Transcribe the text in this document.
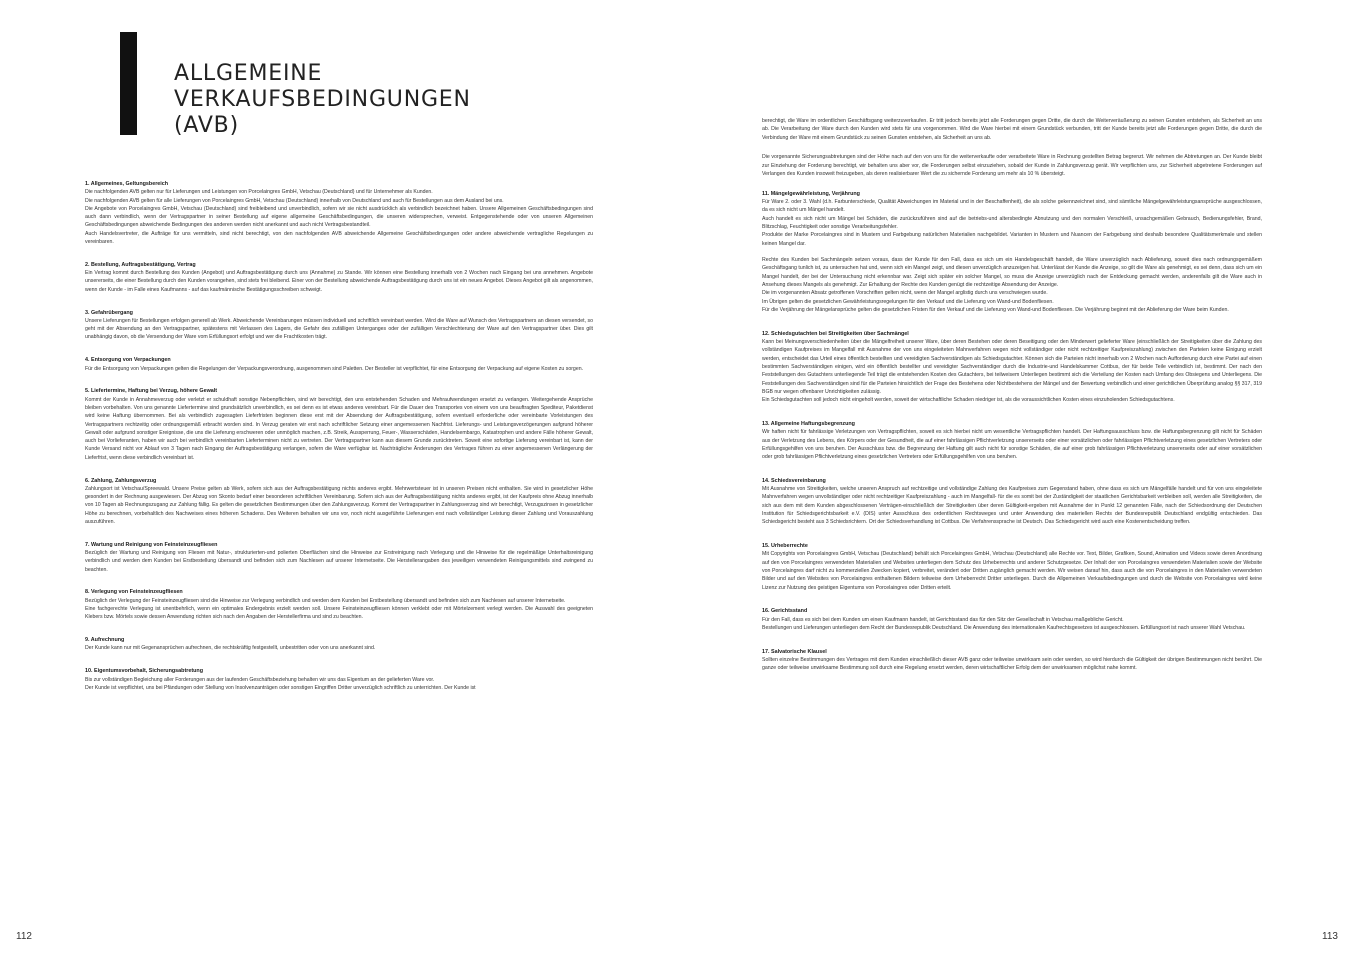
ALLGEMEINE
VERKAUFSBEDINGUNGEN
(AVB)
1. Allgemeines, Geltungsbereich

Die nachfolgenden AVB gelten nur für Lieferungen und Leistungen von Porcelaingres GmbH, Vetschau (Deutschland) und für Unternehmer als Kunden.

Die nachfolgenden AVB gelten für alle Lieferungen von Porcelaingres GmbH, Vetschau (Deutschland) innerhalb von Deutschland und auch für Bestellungen aus dem Ausland bei uns.

Die Angebote von Porcelaingres GmbH, Vetschau (Deutschland) sind freibleibend und unverbindlich, sofern wir sie nicht ausdrücklich als verbindlich bezeichnet haben. Unsere Allgemeinen Geschäftsbedingungen sind auch dann verbindlich, wenn der Vertragspartner in seiner Bestellung auf eigene allgemeine Geschäftsbedingungen, die unseren widersprechen, verweist. Entgegenstehende oder von unseren Allgemeinen Geschäftsbedingungen abweichende Bedingungen des anderen werden nicht anerkannt und auch nicht Vertragsbestandteil.

Auch Handelsvertreter, die Aufträge für uns vermitteln, sind nicht berechtigt, von den nachfolgenden AVB abweichende Allgemeine Geschäftsbedingungen oder andere abweichende vertragliche Regelungen zu vereinbaren.

2. Bestellung, Auftragsbestätigung, Vertrag

Ein Vertrag kommt durch Bestellung des Kunden (Angebot) und Auftragsbestätigung durch uns (Annahme) zu Stande. Wir können eine Bestellung innerhalb von 2 Wochen nach Eingang bei uns annehmen. Angebote unsererseits, die einer Bestellung durch den Kunden vorangehen, sind stets frei bleibend. Einer von der Bestellung abweichende Auftragsbestätigung durch uns ist ein neues Angebot. Dieses Angebot gilt als angenommen, wenn der Kunde - im Falle eines Kaufmanns - auf das kaufmännische Bestätigungsschreiben schweigt.

3. Gefahrübergang

Unsere Lieferungen für Bestellungen erfolgen generell ab Werk. Abweichende Vereinbarungen müssen individuell und schriftlich vereinbart werden. Wird die Ware auf Wunsch des Vertragspartners an diesen versendet, so geht mit der Absendung an den Vertragspartner, spätestens mit Verlassen des Lagers, die Gefahr des zufälligen Unterganges oder der zufälligen Verschlechterung der Ware auf den Vertragspartner über. Dies gilt unabhängig davon, ob die Versendung der Ware vom Erfüllungsort erfolgt und wer die Frachtkosten trägt.

4. Entsorgung von Verpackungen

Für die Entsorgung von Verpackungen gelten die Regelungen der Verpackungsverordnung, ausgenommen sind Paletten. Der Besteller ist verpflichtet, für eine Entsorgung der Verpackung auf eigene Kosten zu sorgen.

5. Liefertermine, Haftung bei Verzug, höhere Gewalt

Kommt der Kunde in Annahmeverzug oder verletzt er schuldhaft sonstige Nebenpflichten, sind wir berechtigt, den uns entstehenden Schaden und Mehraufwendungen ersetzt zu verlangen. Weitergehende Ansprüche bleiben vorbehalten. Von uns genannte Liefertermine sind grundsätzlich unverbindlich, es sei denn es ist etwas anderes vereinbart. Für die Dauer des Transportes von einem von uns beauftragten Spediteur, Paketdienst wird keine Haftung übernommen. Bei als verbindlich zugesagten Lieferfristen beginnen diese erst mit der Absendung der Auftragsbestätigung, sofern eventuell erforderliche oder vereinbarte Vorleistungen des Vertragspartners rechtzeitig oder ordnungsgemäß erbracht worden sind. In Verzug geraten wir erst nach schriftlicher Setzung einer angemessenen Nachfrist. Lieferungs- und Leistungsverzögerungen aufgrund höherer Gewalt oder aufgrund sonstiger Ereignisse, die uns die Lieferung erschweren oder unmöglich machen, z.B. Streik, Aussperrung, Feuer-, Wasserschäden, Handelsembargo, Katastrophen und andere Fälle höherer Gewalt, auch bei Vorlieferanten, haben wir auch bei verbindlich vereinbarten Lieferterminen nicht zu vertreten. Der Vertragspartner kann aus diesem Grunde zurücktreten. Soweit eine sofortige Lieferung vereinbart ist, kann der Kunde Versand nicht vor Ablauf von 3 Tagen nach Eingang der Auftragsbestätigung verlangen, sofern die Ware verfügbar ist. Nachträgliche Änderungen des Vertrages führen zu einer angemessenen Verlängerung der Lieferfrist, wenn diese verbindlich vereinbart ist.

6. Zahlung, Zahlungsverzug

Zahlungsort ist Vetschau/Spreewald. Unsere Preise gelten ab Werk, sofern sich aus der Auftragsbestätigung nichts anderes ergibt. Mehrwertsteuer ist in unseren Preisen nicht enthalten. Sie wird in gesetzlicher Höhe gesondert in der Rechnung ausgewiesen. Der Abzug von Skonto bedarf einer besonderen schriftlichen Vereinbarung. Sofern sich aus der Auftragsbestätigung nichts anderes ergibt, ist der Kaufpreis ohne Abzug innerhalb von 10 Tagen ab Rechnungszugang zur Zahlung fällig. Es gelten die gesetzlichen Bestimmungen über den Zahlungsverzug. Kommt der Vertragspartner in Zahlungsverzug sind wir berechtigt, Verzugszinsen in gesetzlicher Höhe zu berechnen, vorbehaltlich des Nachweises eines höheren Schadens. Des Weiteren behalten wir uns vor, noch nicht ausgeführte Lieferungen erst nach vollständiger Leistung dieser Zahlung und Vorauszahlung auszuführen.

7. Wartung und Reinigung von Feinsteinzeugfliesen

Bezüglich der Wartung und Reinigung von Fliesen mit Natur-, strukturierten-und polierten Oberflächen sind die Hinweise zur Erstreinigung nach Verlegung und die Hinweise für die regelmäßige Unterhaltsreinigung verbindlich und werden dem Kunden bei Erstbestellung übersandt und befinden sich zum Nachlesen auf unserer Internetseite. Die Herstellerangaben des jeweiligen verwendeten Reinigungsmittels sind zwingend zu beachten.

8. Verlegung von Feinsteinzeugfliesen

Bezüglich der Verlegung der Feinsteinzeugfliesen sind die Hinweise zur Verlegung verbindlich und werden dem Kunden bei Erstbestellung übersandt und befinden sich zum Nachlesen auf unserer Internetseite.

Eine fachgerechte Verlegung ist unentbehrlich, wenn ein optimales Endergebnis erzielt werden soll. Unsere Feinsteinzeugfliesen können verklebt oder mit Mörtelzement verlegt werden. Die Auswahl des geeigneten Klebers bzw. Mörtels sowie dessen Anwendung richten sich nach den Angaben der Herstellerfirma und sind zu beachten.

9. Aufrechnung

Der Kunde kann nur mit Gegenansprüchen aufrechnen, die rechtskräftig festgestellt, unbestritten oder von uns anerkannt sind.

10. Eigentumsvorbehalt, Sicherungsabtretung

Bis zur vollständigen Begleichung aller Forderungen aus der laufenden Geschäftsbeziehung behalten wir uns das Eigentum an der gelieferten Ware vor.

Der Kunde ist verpflichtet, uns bei Pfändungen oder Stellung von Insolvenzanträgen oder sonstigen Eingriffen Dritter unverzüglich schriftlich zu unterrichten. Der Kunde ist

112

berechtigt, die Ware im ordentlichen Geschäftsgang weiterzuverkaufen. Er tritt jedoch bereits jetzt alle Forderungen gegen Dritte, die durch die Weiterveräußerung zu seinen Gunsten entstehen, als Sicherheit an uns ab. Die Verarbeitung der Ware durch den Kunden wird stets für uns vorgenommen. Wird die Ware hierbei mit einem Grundstück verbunden, tritt der Kunde bereits jetzt alle Forderungen gegen Dritte, die durch die Verbindung der Ware mit einem Grundstück zu seinen Gunsten entstehen, als Sicherheit an uns ab.

Die vorgenannte Sicherungsabtretungen sind der Höhe nach auf den von uns für die weiterverkaufte oder verarbeitete Ware in Rechnung gestellten Betrag begrenzt. Wir nehmen die Abtretungen an. Der Kunde bleibt zur Einziehung der Forderung berechtigt, wir behalten uns aber vor, die Forderungen selbst einzuziehen, sobald der Kunde in Zahlungsverzug gerät. Wir verpflichten uns, zur Sicherheit abgetretene Forderungen auf Verlangen des Kunden insoweit freizugeben, als deren realisierbarer Wert die zu sichernde Forderung um mehr als 10 % übersteigt.

11. Mängelgewährleistung, Verjährung

Für Ware 2. oder 3. Wahl (d.h. Farbunterschiede, Qualität Abweichungen im Material und in der Beschaffenheit), die als solche gekennzeichnet sind, sind sämtliche Mängelgewährleistungsansprüche ausgeschlossen, da es sich nicht um Mängel handelt.

Auch handelt es sich nicht um Mängel bei Schäden, die zurückzuführen sind auf die betriebs-und altersbedingte Abnutzung und den normalen Verschleiß, unsachgemäßen Gebrauch, Bedienungsfehler, Brand, Blitzschlag, Feuchtigkeit oder sonstige Verarbeitungsfehler.

Produkte der Marke Porcelaingres sind in Mustern und Farbgebung natürlichen Materialien nachgebildet. Varianten in Mustern und Nuancen der Farbgebung sind deshalb besondere Qualitätsmerkmale und stellen keinen Mangel dar.

Rechte des Kunden bei Sachmängeln setzen voraus, dass der Kunde für den Fall, dass es sich um ein Handelsgeschäft handelt, die Ware unverzüglich nach Ablieferung, soweit dies nach ordnungsgemäßem Geschäftsgang tunlich ist, zu untersuchen hat und, wenn sich ein Mangel zeigt, und diesen unverzüglich anzuzeigen hat. Unterlässt der Kunde die Anzeige, so gilt die Ware als genehmigt, es sei denn, dass sich um ein Mangel handelt, der bei der Untersuchung nicht erkennbar war. Zeigt sich später ein solcher Mangel, so muss die Anzeige unverzüglich nach der Entdeckung gemacht werden, anderenfalls gilt die Ware auch in Ansehung dieses Mangels als genehmigt. Zur Erhaltung der Rechte des Kunden genügt die rechtzeitige Absendung der Anzeige.

Die im vorgenannten Absatz getroffenen Vorschriften gelten nicht, wenn der Mangel arglistig durch uns verschwiegen wurde.

Im Übrigen gelten die gesetzlichen Gewährleistungsregelungen für den Verkauf und die Lieferung von Wand-und Bodenfliesen.

Für die Verjährung der Mängelansprüche gelten die gesetzlichen Fristen für den Verkauf und die Lieferung von Wand-und Bodenfliesen. Die Verjährung beginnt mit der Ablieferung der Ware beim Kunden.

12. Schiedsgutachten bei Streitigkeiten über Sachmängel

Kann bei Meinungsverschiedenheiten über die Mängelfreiheit unserer Ware, über deren Bestehen oder deren Beseitigung oder den Minderwert gelieferter Ware (einschließlich der Streitigkeiten über die Zahlung des vollständigen Kaufpreises im Mangelfall mit Ausnahme der von uns eingeleiteten Mahnverfahren wegen nicht vollständiger oder nicht rechtzeitiger Kaufpreiszahlung) zwischen den Parteien keine Einigung erzielt werden, entscheidet das Urteil eines öffentlich bestellten und vereidigten Sachverständigen als Schiedsgutachter. Können sich die Parteien nicht innerhalb von 2 Wochen nach Aufforderung durch eine Partei auf einen bestimmten Sachverständigen einigen, wird ein öffentlich bestellter und vereidigter Sachverständiger durch die Industrie-und Handelskammer Cottbus, der für beide Teile verbindlich ist, bestimmt. Der nach den Feststellungen des Gutachters unterliegende Teil trägt die entstehenden Kosten des Gutachters, bei teilweisem Unterliegen bestimmt sich die Verteilung der Kosten nach Umfang des Obsiegens und Unterliegens. Die Feststellungen des Sachverständigen sind für die Parteien hinsichtlich der Frage des Bestehens oder Nichtbestehens der Mängel und der Bewertung verbindlich und einer gerichtlichen Überprüfung analog §§ 317, 319 BGB nur wegen offenbarer Unrichtigkeiten zulässig.

Ein Schiedsgutachten soll jedoch nicht eingeholt werden, soweit der wirtschaftliche Schaden niedriger ist, als die voraussichtlichen Kosten eines einzuholenden Schiedsgutachtens.

13. Allgemeine Haftungsbegrenzung

Wir haften nicht für fahrlässige Verletzungen von Vertragspflichten, soweit es sich hierbei nicht um wesentliche Vertragspflichten handelt. Der Haftungsausschluss bzw. die Haftungsbegrenzung gilt nicht für Schäden aus der Verletzung des Lebens, des Körpers oder der Gesundheit, die auf einer fahrlässigen Pflichtverletzung unsererseits oder einer vorsätzlichen oder fahrlässigen Pflichtverletzung eines gesetzlichen Vertreters oder Erfüllungsgehilfen von uns beruhen. Der Ausschluss bzw. die Begrenzung der Haftung gilt auch nicht für sonstige Schäden, die auf einer grob fahrlässigen Pflichtverletzung unsererseits oder auf einer vorsätzlichen oder grob fahrlässigen Pflichtverletzung eines gesetzlichen Vertreters oder Erfüllungsgehilfen von uns beruhen.

14. Schiedsvereinbarung

Mit Ausnahme von Streitigkeiten, welche unseren Anspruch auf rechtzeitige und vollständige Zahlung des Kaufpreises zum Gegenstand haben, ohne dass es sich um Mängelfälle handelt und für von uns eingeleitete Mahnverfahren wegen unvollständiger oder nicht rechtzeitiger Kaufpreiszahlung - auch im Mangelfall- für die es somit bei der Zuständigkeit der staatlichen Gerichtsbarkeit verbleiben soll, werden alle Streitigkeiten, die sich aus dem mit dem Kunden abgeschlossenen Verträgen-einschließlich der Streitigkeiten über deren Gültigkeit-ergeben mit Ausnahme der in Punkt 12 genannten Fälle, nach der Schiedsordnung der Deutschen Institution für Schiedsgerichtsbarkeit e.V. (DIS) unter Ausschluss des ordentlichen Rechtsweges und unter Anwendung des materiellen Rechts der Bundesrepublik Deutschland endgültig entschieden. Das Schiedsgericht besteht aus 3 Schiedsrichtern. Ort der Schiedsverhandlung ist Cottbus. Die Verfahrenssprache ist Deutsch. Das Schiedsgericht wird auch eine Kostenentscheidung treffen.

15. Urheberrechte

Mit Copyrights von Porcelaingres GmbH, Vetschau (Deutschland) behält sich Porcelaingres GmbH, Vetschau (Deutschland) alle Rechte vor. Text, Bilder, Grafiken, Sound, Animation und Videos sowie deren Anordnung auf den von Porcelaingres verwendeten Materialien und Websites unterliegen dem Schutz des Urheberrechts und anderer Schutzgesetze. Der Inhalt der von Porcelaingres verwendeten Materialien sowie der Website von Porcelaingres darf nicht zu kommerziellen Zwecken kopiert, verbreitet, verändert oder Dritten zugänglich gemacht werden. Wir weisen darauf hin, dass auch die von Porcelaingres in den Materialien verwendeten Bilder und auf den Websites von Porcelaingres enthaltenen Bildern teilweise dem Urheberrecht Dritter unterliegen. Durch die Allgemeinen Verkaufsbedingungen und durch die Website von Porcelaingres wird keine Lizenz zur Nutzung des geistigen Eigentums von Porcelaingres oder Dritten erteilt.

16. Gerichtsstand

Für den Fall, dass es sich bei dem Kunden um einen Kaufmann handelt, ist Gerichtsstand das für den Sitz der Gesellschaft in Vetschau maßgebliche Gericht.

Bestellungen und Lieferungen unterliegen dem Recht der Bundesrepublik Deutschland. Die Anwendung des internationalen Kaufrechtsgesetzes ist ausgeschlossen. Erfüllungsort ist nach unserer Wahl Vetschau.

17. Salvatorische Klausel

Sollten einzelne Bestimmungen des Vertrages mit dem Kunden einschließlich dieser AVB ganz oder teilweise unwirksam sein oder werden, so wird hierdurch die Gültigkeit der übrigen Bestimmungen nicht berührt. Die ganze oder teilweise unwirksame Bestimmung soll durch eine Regelung ersetzt werden, deren wirtschaftlicher Erfolg dem der unwirksamen möglichst nahe kommt.

113
